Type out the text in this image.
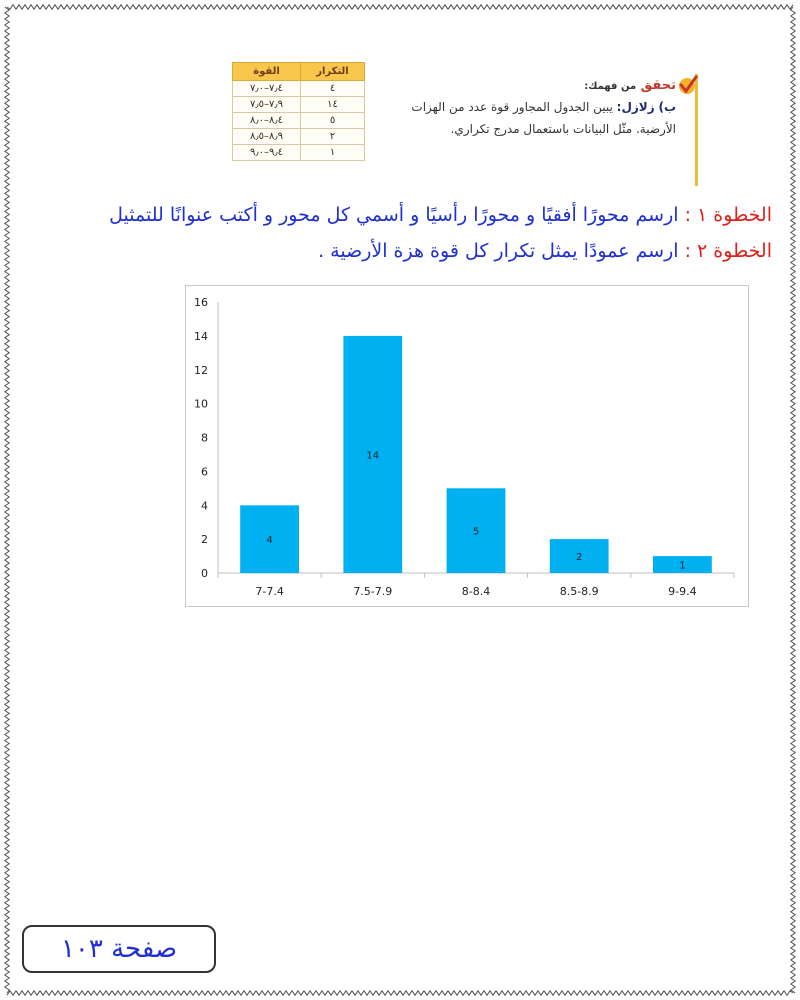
التكرار	القوة
٤	٧٫٤–٧٫٠
١٤	٧٫٩–٧٫٥
٥	٨٫٤–٨٫٠
٢	٨٫٩–٨٫٥
١	٩٫٤–٩٫٠
تحقق من فهمك:
ب) زلازل: يبين الجدول المجاور قوة عدد من الهزات
الأرضية. مثّل البيانات باستعمال مدرج تكراري.
الخطوة ١ : ارسم محورًا أفقيًا و محورًا رأسيًا و أسمي كل محور و أكتب عنوانًا للتمثيل
الخطوة ٢ : ارسم عمودًا يمثل تكرار كل قوة هزة الأرضية .
0
2
4
6
8
10
12
14
16
4
7-7.4
14
7.5-7.9
5
8-8.4
2
8.5-8.9
1
9-9.4
صفحة ١٠٣
